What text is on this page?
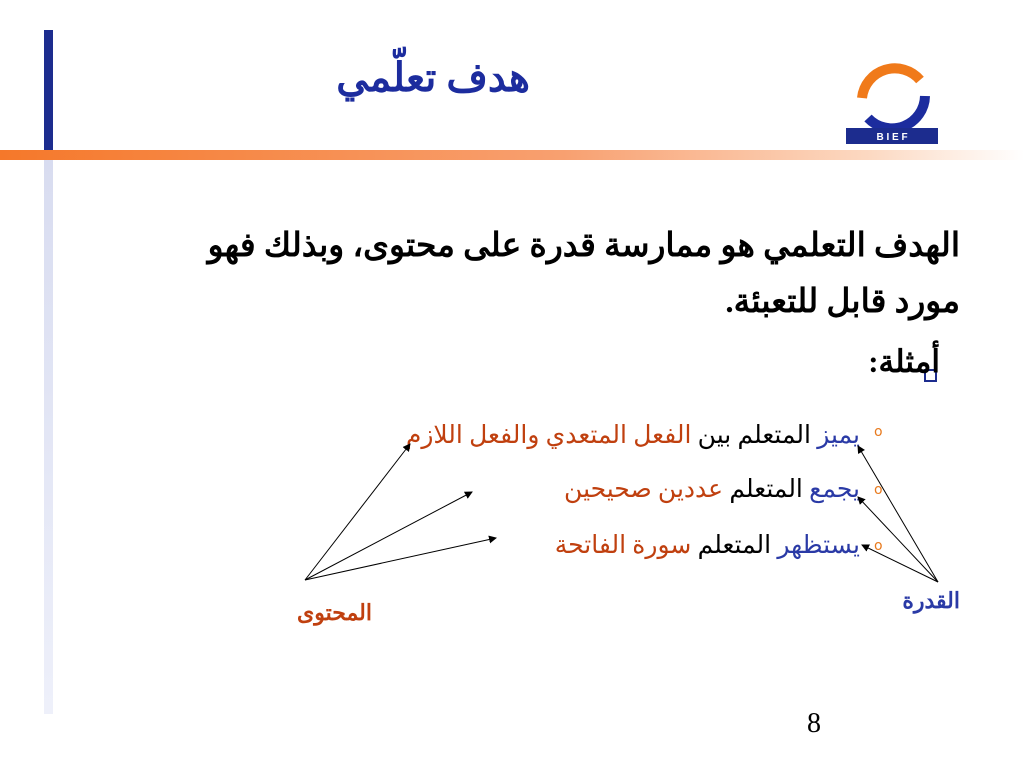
هدف تعلّمي
B I E F

الهدف التعلمي هو ممارسة قدرة على محتوى، وبذلك فهو مورد قابل للتعبئة.

أمثلة:
o
يميز المتعلم بين الفعل المتعدي والفعل اللازم
o
يجمع المتعلم عددين صحيحين
o
يستظهر المتعلم سورة الفاتحة
القدرة
المحتوى
8
